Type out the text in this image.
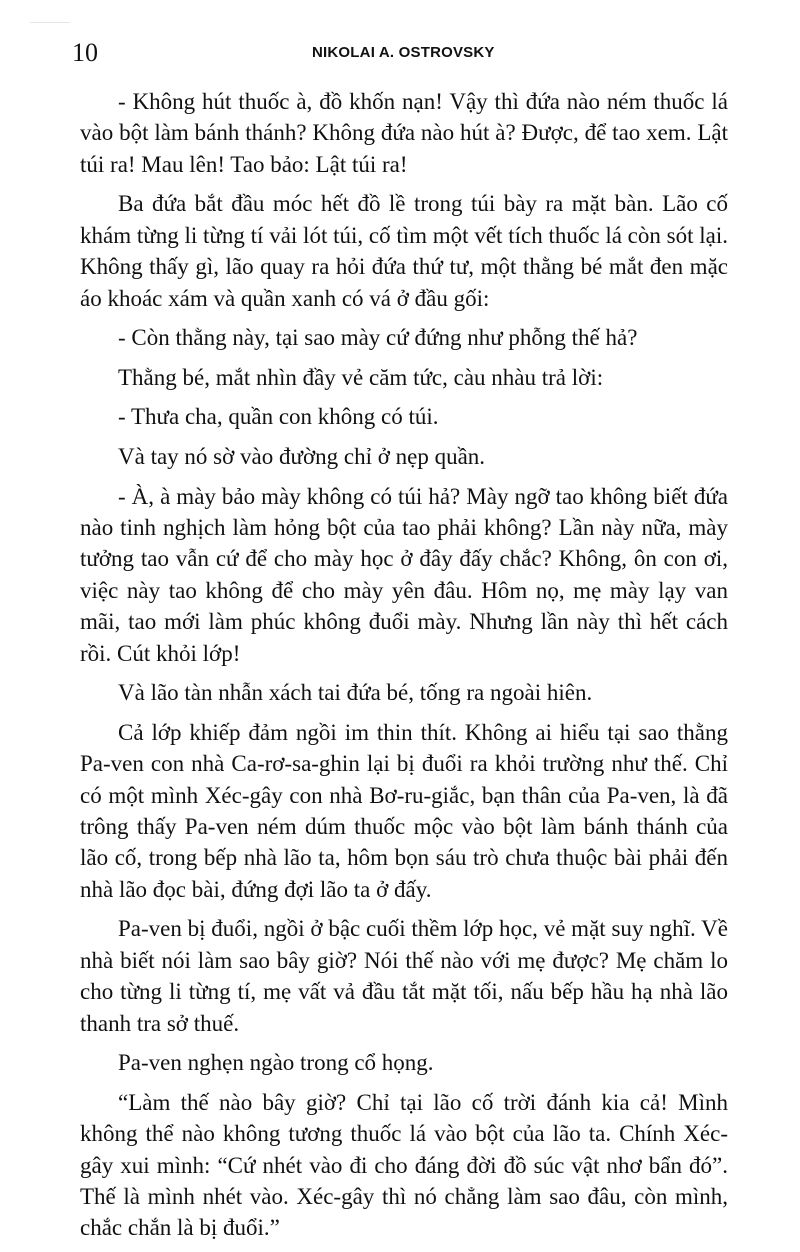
10	NIKOLAI A. OSTROVSKY

- Không hút thuốc à, đồ khốn nạn! Vậy thì đứa nào ném thuốc lá vào bột làm bánh thánh? Không đứa nào hút à? Được, để tao xem. Lật túi ra! Mau lên! Tao bảo: Lật túi ra!

Ba đứa bắt đầu móc hết đồ lề trong túi bày ra mặt bàn. Lão cố khám từng li từng tí vải lót túi, cố tìm một vết tích thuốc lá còn sót lại. Không thấy gì, lão quay ra hỏi đứa thứ tư, một thằng bé mắt đen mặc áo khoác xám và quần xanh có vá ở đầu gối:

- Còn thằng này, tại sao mày cứ đứng như phỗng thế hả?

Thằng bé, mắt nhìn đầy vẻ căm tức, càu nhàu trả lời:

- Thưa cha, quần con không có túi.

Và tay nó sờ vào đường chỉ ở nẹp quần.

- À, à mày bảo mày không có túi hả? Mày ngỡ tao không biết đứa nào tinh nghịch làm hỏng bột của tao phải không? Lần này nữa, mày tưởng tao vẫn cứ để cho mày học ở đây đấy chắc? Không, ôn con ơi, việc này tao không để cho mày yên đâu. Hôm nọ, mẹ mày lạy van mãi, tao mới làm phúc không đuổi mày. Nhưng lần này thì hết cách rồi. Cút khỏi lớp!

Và lão tàn nhẫn xách tai đứa bé, tống ra ngoài hiên.

Cả lớp khiếp đảm ngồi im thin thít. Không ai hiểu tại sao thằng Pa-ven con nhà Ca-rơ-sa-ghin lại bị đuổi ra khỏi trường như thế. Chỉ có một mình Xéc-gây con nhà Bơ-ru-giắc, bạn thân của Pa-ven, là đã trông thấy Pa-ven ném dúm thuốc mộc vào bột làm bánh thánh của lão cố, trong bếp nhà lão ta, hôm bọn sáu trò chưa thuộc bài phải đến nhà lão đọc bài, đứng đợi lão ta ở đấy.

Pa-ven bị đuổi, ngồi ở bậc cuối thềm lớp học, vẻ mặt suy nghĩ. Về nhà biết nói làm sao bây giờ? Nói thế nào với mẹ được? Mẹ chăm lo cho từng li từng tí, mẹ vất vả đầu tắt mặt tối, nấu bếp hầu hạ nhà lão thanh tra sở thuế.

Pa-ven nghẹn ngào trong cổ họng.

“Làm thế nào bây giờ? Chỉ tại lão cố trời đánh kia cả! Mình không thể nào không tương thuốc lá vào bột của lão ta. Chính Xéc-gây xui mình: “Cứ nhét vào đi cho đáng đời đồ súc vật nhơ bẩn đó”. Thế là mình nhét vào. Xéc-gây thì nó chẳng làm sao đâu, còn mình, chắc chắn là bị đuổi.”
